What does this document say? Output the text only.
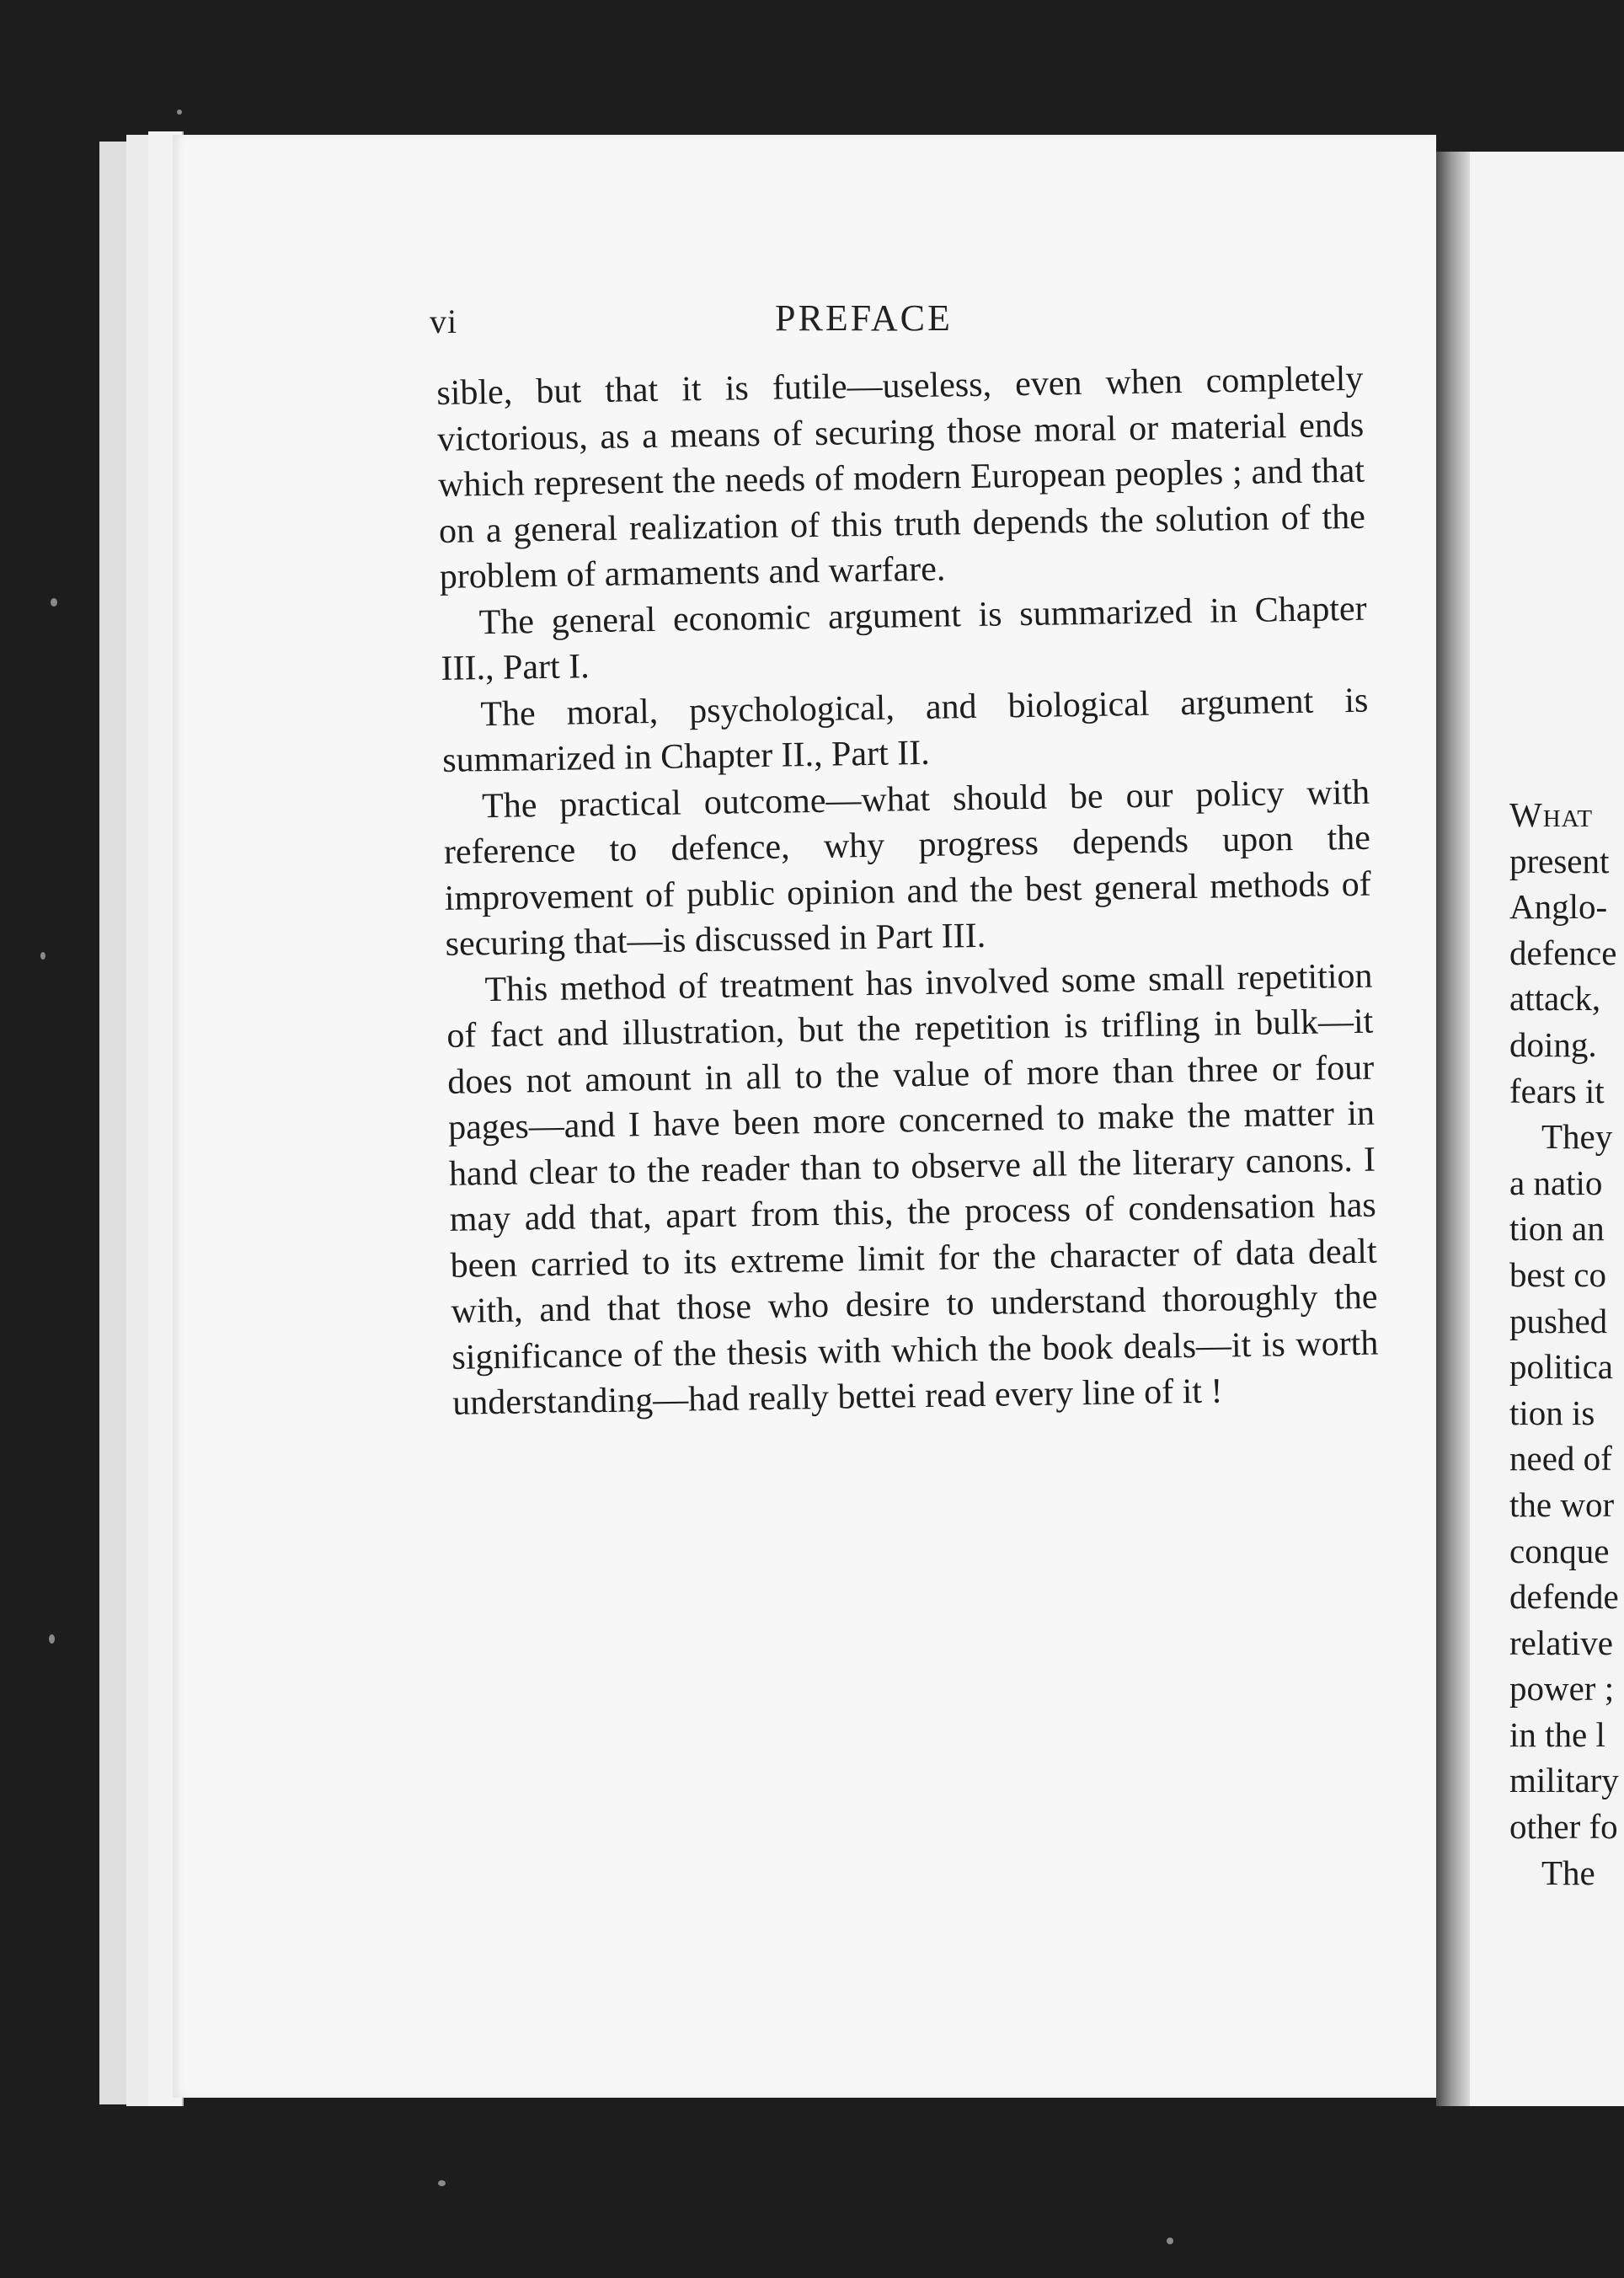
vi	PREFACE

sible, but that it is futile—useless, even when completely victorious, as a means of securing those moral or material ends which represent the needs of modern European peoples ; and that on a general realization of this truth depends the solution of the problem of armaments and warfare.

The general economic argument is summarized in Chapter III., Part I.

The moral, psychological, and biological argument is summarized in Chapter II., Part II.

The practical outcome—what should be our policy with reference to defence, why progress depends upon the improvement of public opinion and the best general methods of securing that—is discussed in Part III.

This method of treatment has involved some small repetition of fact and illustration, but the repetition is trifling in bulk—it does not amount in all to the value of more than three or four pages—and I have been more concerned to make the matter in hand clear to the reader than to observe all the literary canons. I may add that, apart from this, the process of condensation has been carried to its extreme limit for the character of data dealt with, and that those who desire to understand thoroughly the significance of the thesis with which the book deals—it is worth understanding—had really bettei read every line of it !

What
present
Anglo-
defence
attack,
doing.
fears it
They
a natio
tion an
best co
pushed
politica
tion is
need of
the wor
conque
defende
relative
power ;
in the l
military
other fo
The
